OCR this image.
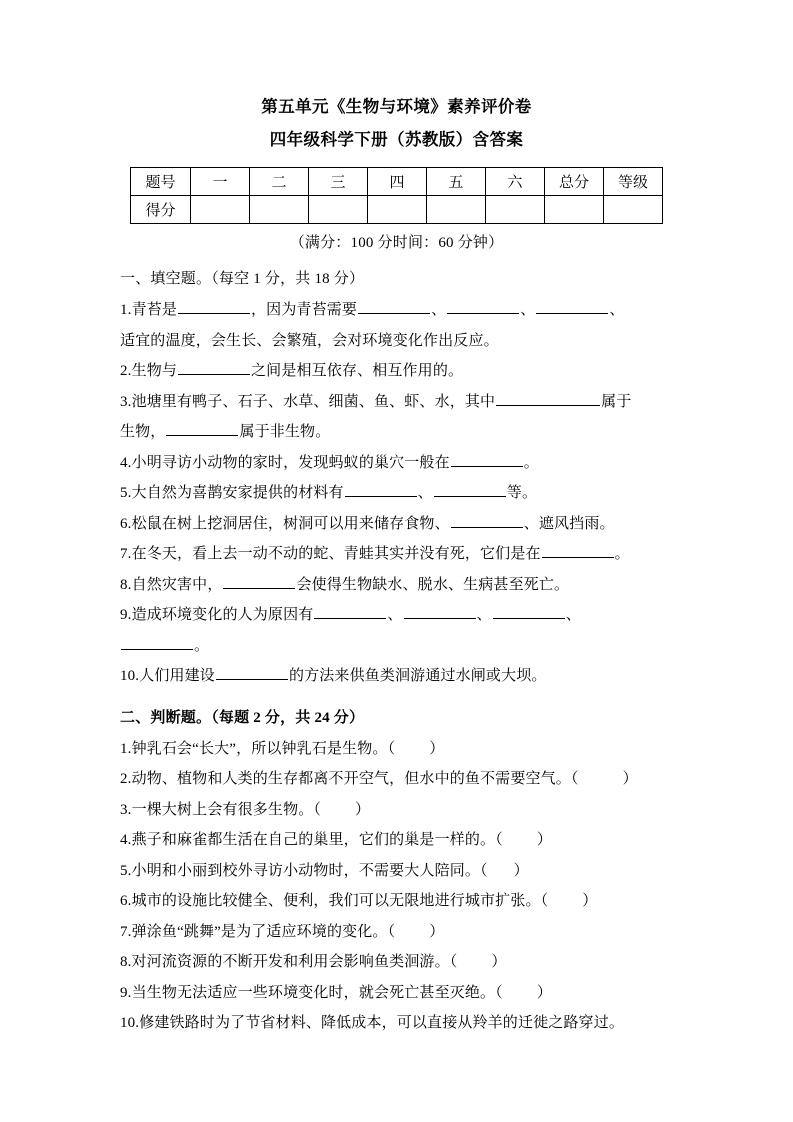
第五单元《生物与环境》素养评价卷
四年级科学下册（苏教版）含答案
题号	一	二	三	四	五	六	总分	等级
得分								
（满分：100 分时间：60 分钟）
一、填空题。（每空 1 分，共 18 分）
1.青苔是	，因为青苔需要	、	、	、
适宜的温度，会生长、会繁殖，会对环境变化作出反应。
2.生物与	之间是相互依存、相互作用的。
3.池塘里有鸭子、石子、水草、细菌、鱼、虾、水，其中	属于
生物，	属于非生物。
4.小明寻访小动物的家时，发现蚂蚁的巢穴一般在	。
5.大自然为喜鹊安家提供的材料有	、	等。
6.松鼠在树上挖洞居住，树洞可以用来储存食物、	、遮风挡雨。
7.在冬天，看上去一动不动的蛇、青蛙其实并没有死，它们是在	。
8.自然灾害中，	会使得生物缺水、脱水、生病甚至死亡。
9.造成环境变化的人为原因有	、	、	、
。
10.人们用建设	的方法来供鱼类洄游通过水闸或大坝。
二、判断题。（每题 2 分，共 24 分）
1.钟乳石会“长大”，所以钟乳石是生物。（ ）
2.动物、植物和人类的生存都离不开空气，但水中的鱼不需要空气。（	）
3.一棵大树上会有很多生物。（ ）
4.燕子和麻雀都生活在自己的巢里，它们的巢是一样的。（ ）
5.小明和小丽到校外寻访小动物时，不需要大人陪同。（ ）
6.城市的设施比较健全、便利，我们可以无限地进行城市扩张。（ ）
7.弹涂鱼“跳舞”是为了适应环境的变化。（ ）
8.对河流资源的不断开发和利用会影响鱼类洄游。（ ）
9.当生物无法适应一些环境变化时，就会死亡甚至灭绝。（ ）
10.修建铁路时为了节省材料、降低成本，可以直接从羚羊的迁徙之路穿过。
